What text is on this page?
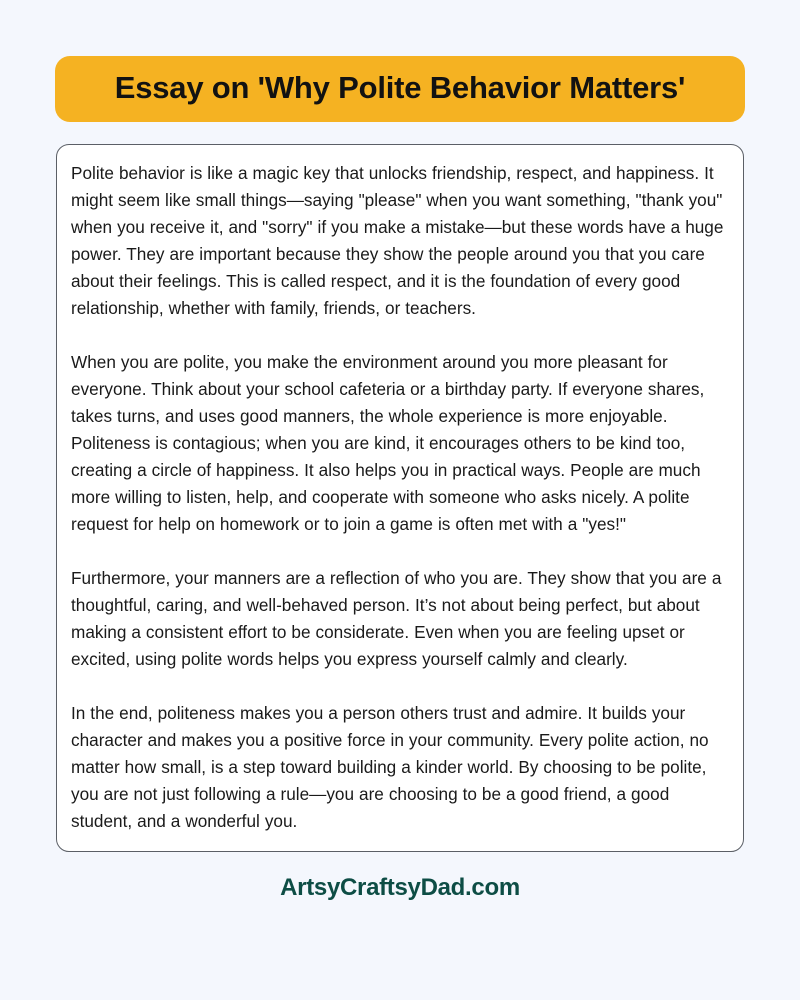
Essay on 'Why Polite Behavior Matters'

Polite behavior is like a magic key that unlocks friendship, respect, and happiness. It might seem like small things—saying "please" when you want something, "thank you" when you receive it, and "sorry" if you make a mistake—but these words have a huge power. They are important because they show the people around you that you care about their feelings. This is called respect, and it is the foundation of every good relationship, whether with family, friends, or teachers.

When you are polite, you make the environment around you more pleasant for everyone. Think about your school cafeteria or a birthday party. If everyone shares, takes turns, and uses good manners, the whole experience is more enjoyable. Politeness is contagious; when you are kind, it encourages others to be kind too, creating a circle of happiness. It also helps you in practical ways. People are much more willing to listen, help, and cooperate with someone who asks nicely. A polite request for help on homework or to join a game is often met with a "yes!"

Furthermore, your manners are a reflection of who you are. They show that you are a thoughtful, caring, and well-behaved person. It’s not about being perfect, but about making a consistent effort to be considerate. Even when you are feeling upset or excited, using polite words helps you express yourself calmly and clearly.

In the end, politeness makes you a person others trust and admire. It builds your character and makes you a positive force in your community. Every polite action, no matter how small, is a step toward building a kinder world. By choosing to be polite, you are not just following a rule—you are choosing to be a good friend, a good student, and a wonderful you.

ArtsyCraftsyDad.com
